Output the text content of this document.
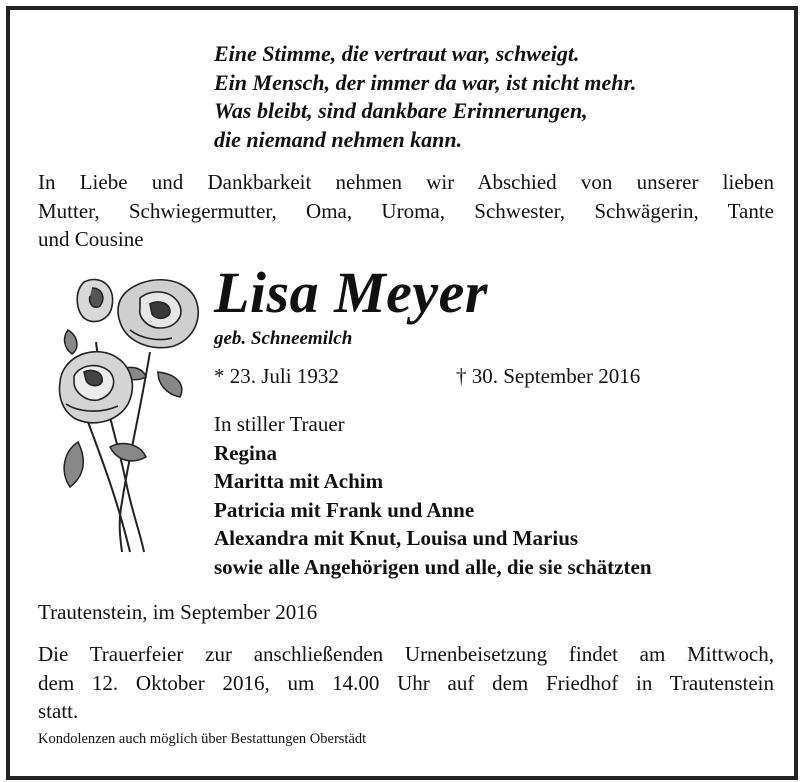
Eine Stimme, die vertraut war, schweigt.
Ein Mensch, der immer da war, ist nicht mehr.
Was bleibt, sind dankbare Erinnerungen,
die niemand nehmen kann.
In Liebe und Dankbarkeit nehmen wir Abschied von unserer lieben
Mutter, Schwiegermutter, Oma, Uroma, Schwester, Schwägerin, Tante
und Cousine
Lisa Meyer
geb. Schneemilch
* 23. Juli 1932	† 30. September 2016
In stiller Trauer
Regina
Maritta mit Achim
Patricia mit Frank und Anne
Alexandra mit Knut, Louisa und Marius
sowie alle Angehörigen und alle, die sie schätzten
Trautenstein, im September 2016
Die Trauerfeier zur anschließenden Urnenbeisetzung findet am Mittwoch,
dem 12. Oktober 2016, um 14.00 Uhr auf dem Friedhof in Trautenstein
statt.
Kondolenzen auch möglich über Bestattungen Oberstädt
